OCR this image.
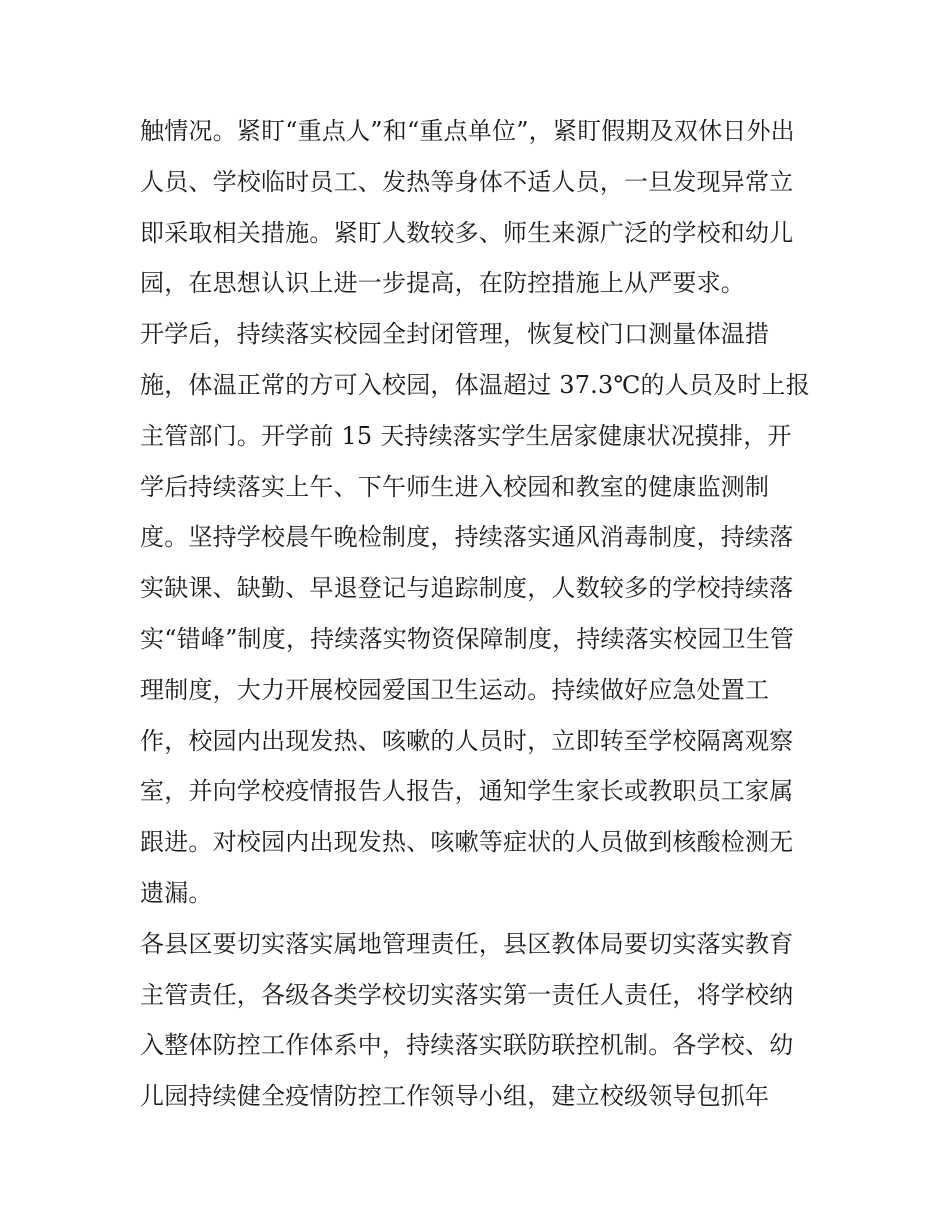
触情况。紧盯“重点人”和“重点单位”，紧盯假期及双休日外出
人员、学校临时员工、发热等身体不适人员，一旦发现异常立
即采取相关措施。紧盯人数较多、师生来源广泛的学校和幼儿
园，在思想认识上进一步提高，在防控措施上从严要求。
开学后，持续落实校园全封闭管理，恢复校门口测量体温措
施，体温正常的方可入校园，体温超过 37.3℃的人员及时上报
主管部门。开学前 15 天持续落实学生居家健康状况摸排，开
学后持续落实上午、下午师生进入校园和教室的健康监测制
度。坚持学校晨午晚检制度，持续落实通风消毒制度，持续落
实缺课、缺勤、早退登记与追踪制度，人数较多的学校持续落
实“错峰”制度，持续落实物资保障制度，持续落实校园卫生管
理制度，大力开展校园爱国卫生运动。持续做好应急处置工
作，校园内出现发热、咳嗽的人员时，立即转至学校隔离观察
室，并向学校疫情报告人报告，通知学生家长或教职员工家属
跟进。对校园内出现发热、咳嗽等症状的人员做到核酸检测无
遗漏。
各县区要切实落实属地管理责任，县区教体局要切实落实教育
主管责任，各级各类学校切实落实第一责任人责任，将学校纳
入整体防控工作体系中，持续落实联防联控机制。各学校、幼
儿园持续健全疫情防控工作领导小组，建立校级领导包抓年
